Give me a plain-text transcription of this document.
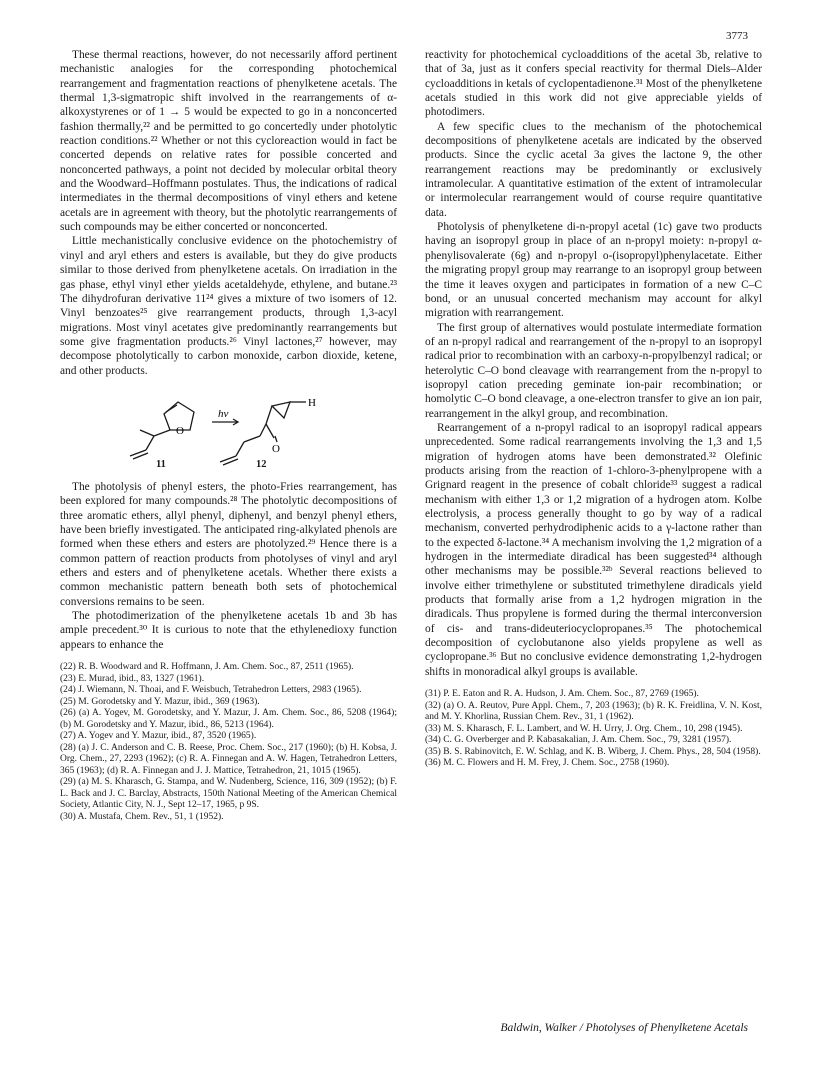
3773

These thermal reactions, however, do not necessarily afford pertinent mechanistic analogies for the corresponding photochemical rearrangement and fragmentation reactions of phenylketene acetals. The thermal 1,3-sigmatropic shift involved in the rearrangements of α-alkoxystyrenes or of 1 → 5 would be expected to go in a nonconcerted fashion thermally,²² and be permitted to go concertedly under photolytic reaction conditions.²² Whether or not this cycloreaction would in fact be concerted depends on relative rates for possible concerted and nonconcerted pathways, a point not decided by molecular orbital theory and the Woodward–Hoffmann postulates. Thus, the indications of radical intermediates in the thermal decompositions of vinyl ethers and ketene acetals are in agreement with theory, but the photolytic rearrangements of such compounds may be either concerted or nonconcerted.

Little mechanistically conclusive evidence on the photochemistry of vinyl and aryl ethers and esters is available, but they do give products similar to those derived from phenylketene acetals. On irradiation in the gas phase, ethyl vinyl ether yields acetaldehyde, ethylene, and butane.²³ The dihydrofuran derivative 11²⁴ gives a mixture of two isomers of 12. Vinyl benzoates²⁵ give rearrangement products, through 1,3-acyl migrations. Most vinyl acetates give predominantly rearrangements but some give fragmentation products.²⁶ Vinyl lactones,²⁷ however, may decompose photolytically to carbon monoxide, carbon dioxide, ketene, and other products.

O
hν
O
H
11	12

The photolysis of phenyl esters, the photo-Fries rearrangement, has been explored for many compounds.²⁸ The photolytic decompositions of three aromatic ethers, allyl phenyl, diphenyl, and benzyl phenyl ethers, have been briefly investigated. The anticipated ring-alkylated phenols are formed when these ethers and esters are photolyzed.²⁹ Hence there is a common pattern of reaction products from photolyses of vinyl and aryl ethers and esters and of phenylketene acetals. Whether there exists a common mechanistic pattern beneath both sets of photochemical conversions remains to be seen.

The photodimerization of the phenylketene acetals 1b and 3b has ample precedent.³⁰ It is curious to note that the ethylenedioxy function appears to enhance the

(22) R. B. Woodward and R. Hoffmann, J. Am. Chem. Soc., 87, 2511 (1965).

(23) E. Murad, ibid., 83, 1327 (1961).

(24) J. Wiemann, N. Thoai, and F. Weisbuch, Tetrahedron Letters, 2983 (1965).

(25) M. Gorodetsky and Y. Mazur, ibid., 369 (1963).

(26) (a) A. Yogev, M. Gorodetsky, and Y. Mazur, J. Am. Chem. Soc., 86, 5208 (1964); (b) M. Gorodetsky and Y. Mazur, ibid., 86, 5213 (1964).

(27) A. Yogev and Y. Mazur, ibid., 87, 3520 (1965).

(28) (a) J. C. Anderson and C. B. Reese, Proc. Chem. Soc., 217 (1960); (b) H. Kobsa, J. Org. Chem., 27, 2293 (1962); (c) R. A. Finnegan and A. W. Hagen, Tetrahedron Letters, 365 (1963); (d) R. A. Finnegan and J. J. Mattice, Tetrahedron, 21, 1015 (1965).

(29) (a) M. S. Kharasch, G. Stampa, and W. Nudenberg, Science, 116, 309 (1952); (b) F. L. Back and J. C. Barclay, Abstracts, 150th National Meeting of the American Chemical Society, Atlantic City, N. J., Sept 12–17, 1965, p 9S.

(30) A. Mustafa, Chem. Rev., 51, 1 (1952).

reactivity for photochemical cycloadditions of the acetal 3b, relative to that of 3a, just as it confers special reactivity for thermal Diels–Alder cycloadditions in ketals of cyclopentadienone.³¹ Most of the phenylketene acetals studied in this work did not give appreciable yields of photodimers.

A few specific clues to the mechanism of the photochemical decompositions of phenylketene acetals are indicated by the observed products. Since the cyclic acetal 3a gives the lactone 9, the other rearrangement reactions may be predominantly or exclusively intramolecular. A quantitative estimation of the extent of intramolecular or intermolecular rearrangement would of course require quantitative data.

Photolysis of phenylketene di-n-propyl acetal (1c) gave two products having an isopropyl group in place of an n-propyl moiety: n-propyl α-phenylisovalerate (6g) and n-propyl o-(isopropyl)phenylacetate. Either the migrating propyl group may rearrange to an isopropyl group between the time it leaves oxygen and participates in formation of a new C–C bond, or an unusual concerted mechanism may account for alkyl migration with rearrangement.

The first group of alternatives would postulate intermediate formation of an n-propyl radical and rearrangement of the n-propyl to an isopropyl radical prior to recombination with an carboxy-n-propylbenzyl radical; or heterolytic C–O bond cleavage with rearrangement from the n-propyl to isopropyl cation preceding geminate ion-pair recombination; or homolytic C–O bond cleavage, a one-electron transfer to give an ion pair, rearrangement in the alkyl group, and recombination.

Rearrangement of a n-propyl radical to an isopropyl radical appears unprecedented. Some radical rearrangements involving the 1,3 and 1,5 migration of hydrogen atoms have been demonstrated.³² Olefinic products arising from the reaction of 1-chloro-3-phenylpropene with a Grignard reagent in the presence of cobalt chloride³³ suggest a radical mechanism with either 1,3 or 1,2 migration of a hydrogen atom. Kolbe electrolysis, a process generally thought to go by way of a radical mechanism, converted perhydrodiphenic acids to a γ-lactone rather than to the expected δ-lactone.³⁴ A mechanism involving the 1,2 migration of a hydrogen in the intermediate diradical has been suggested³⁴ although other mechanisms may be possible.³²ᵇ Several reactions believed to involve either trimethylene or substituted trimethylene diradicals yield products that formally arise from a 1,2 hydrogen migration in the diradicals. Thus propylene is formed during the thermal interconversion of cis- and trans-dideuteriocyclopropanes.³⁵ The photochemical decomposition of cyclobutanone also yields propylene as well as cyclopropane.³⁶ But no conclusive evidence demonstrating 1,2-hydrogen shifts in monoradical alkyl groups is available.

(31) P. E. Eaton and R. A. Hudson, J. Am. Chem. Soc., 87, 2769 (1965).

(32) (a) O. A. Reutov, Pure Appl. Chem., 7, 203 (1963); (b) R. K. Freidlina, V. N. Kost, and M. Y. Khorlina, Russian Chem. Rev., 31, 1 (1962).

(33) M. S. Kharasch, F. L. Lambert, and W. H. Urry, J. Org. Chem., 10, 298 (1945).

(34) C. G. Overberger and P. Kabasakalian, J. Am. Chem. Soc., 79, 3281 (1957).

(35) B. S. Rabinovitch, E. W. Schlag, and K. B. Wiberg, J. Chem. Phys., 28, 504 (1958).

(36) M. C. Flowers and H. M. Frey, J. Chem. Soc., 2758 (1960).

Baldwin, Walker / Photolyses of Phenylketene Acetals
